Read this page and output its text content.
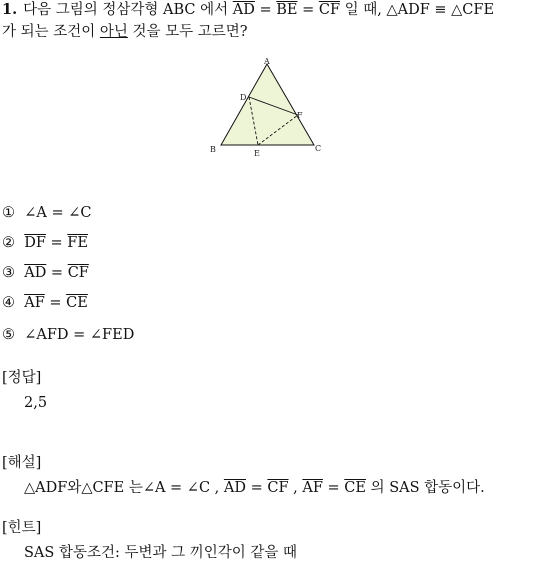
1. 다음 그림의 정삼각형 ABC 에서 $\overline{AD} = \overline{BE} = \overline{CF}$ 일 때, △ADF ≡ △CFE
가 되는 조건이 아닌 것을 모두 고르면?
A
B	C
D
E
F
① ∠A = ∠C
② $\overline{DF} = \overline{FE}$
③ $\overline{AD} = \overline{CF}$
④ $\overline{AF} = \overline{CE}$
⑤ ∠AFD = ∠FED
[정답]
2,5
[해설]
△ADF와△CFE 는∠A = ∠C , $\overline{AD} = \overline{CF}$ , $\overline{AF} = \overline{CE}$ 의 SAS 합동이다.
[힌트]
SAS 합동조건: 두변과 그 끼인각이 같을 때
